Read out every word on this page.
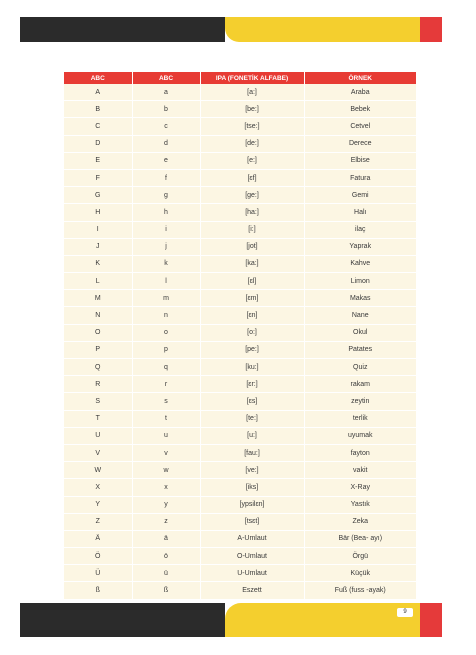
ABC	ABC	IPA (FONETİK ALFABE)	ÖRNEK
A	a	[a:]	Araba
B	b	[be:]	Bebek
C	c	[tse:]	Cetvel
D	d	[de:]	Derece
E	e	[e:]	Elbise
F	f	[ɛf]	Fatura
G	g	[ge:]	Gemi
H	h	[ha:]	Halı
I	i	[i:]	ilaç
J	j	[jot]	Yaprak
K	k	[ka:]	Kahve
L	l	[ɛl]	Limon
M	m	[ɛm]	Makas
N	n	[ɛn]	Nane
O	o	[o:]	Okul
P	p	[pe:]	Patates
Q	q	[ku:]	Quiz
R	r	[ɛr:]	rakam
S	s	[ɛs]	zeytin
T	t	[te:]	terlik
U	u	[u:]	uyumak
V	v	[fau:]	fayton
W	w	[ve:]	vakit
X	x	[iks]	X-Ray
Y	y	[ypsilɛn]	Yastık
Z	z	[tsɛt]	Zeka
Ä	ä	A-Umlaut	Bär (Bea- ayı)
Ö	ö	O-Umlaut	Örgü
Ü	ü	U-Umlaut	Küçük
ß	ß	Eszett	Fuß (fuss -ayak)
9
